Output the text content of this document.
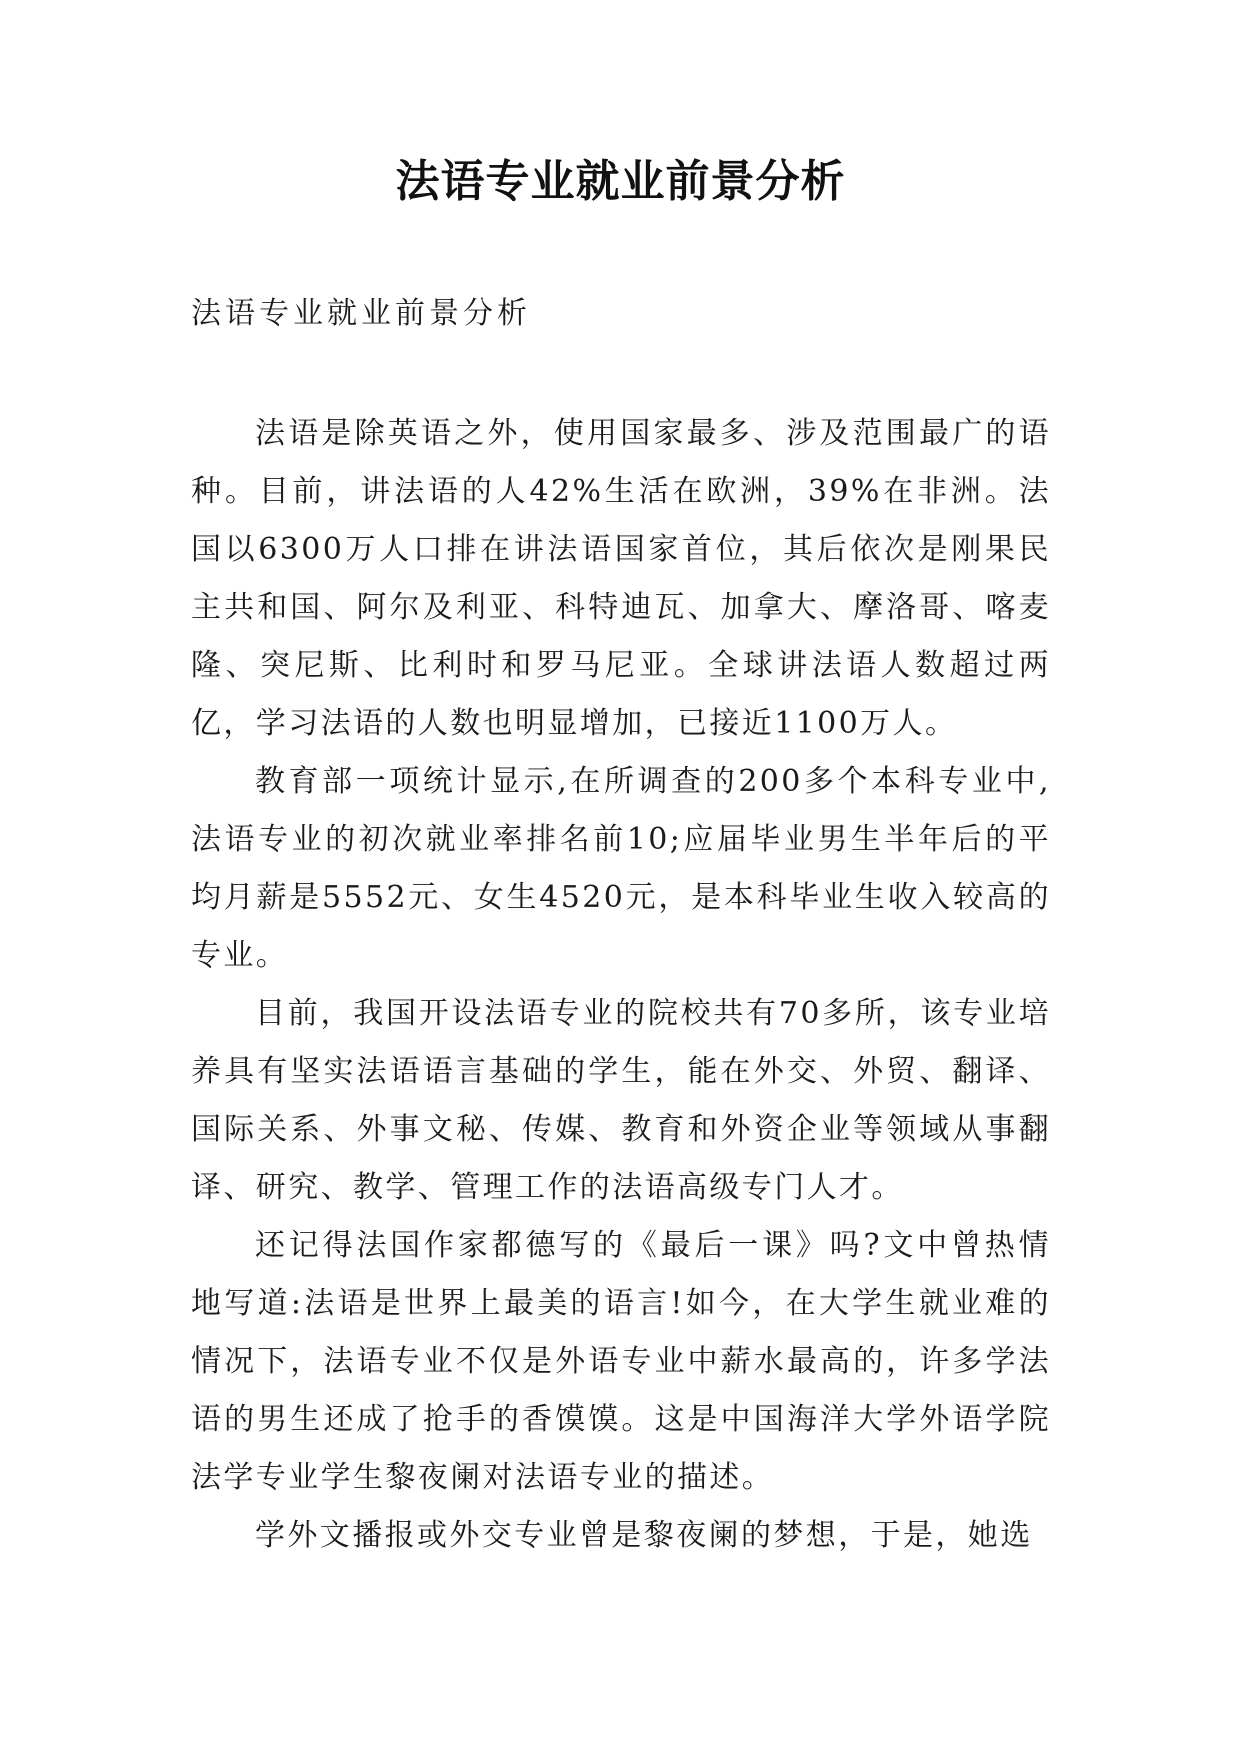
法语专业就业前景分析
法语专业就业前景分析

法语是除英语之外，使用国家最多、涉及范围最广的语种。目前，讲法语的人42%生活在欧洲，39%在非洲。法国以6300万人口排在讲法语国家首位，其后依次是刚果民主共和国、阿尔及利亚、科特迪瓦、加拿大、摩洛哥、喀麦隆、突尼斯、比利时和罗马尼亚。全球讲法语人数超过两亿，学习法语的人数也明显增加，已接近1100万人。

教育部一项统计显示,在所调查的200多个本科专业中,法语专业的初次就业率排名前10;应届毕业男生半年后的平均月薪是5552元、女生4520元，是本科毕业生收入较高的专业。

目前，我国开设法语专业的院校共有70多所，该专业培养具有坚实法语语言基础的学生，能在外交、外贸、翻译、国际关系、外事文秘、传媒、教育和外资企业等领域从事翻译、研究、教学、管理工作的法语高级专门人才。

还记得法国作家都德写的《最后一课》吗?文中曾热情地写道:法语是世界上最美的语言!如今，在大学生就业难的情况下，法语专业不仅是外语专业中薪水最高的，许多学法语的男生还成了抢手的香馍馍。这是中国海洋大学外语学院法学专业学生黎夜阑对法语专业的描述。

学外文播报或外交专业曾是黎夜阑的梦想，于是，她选
